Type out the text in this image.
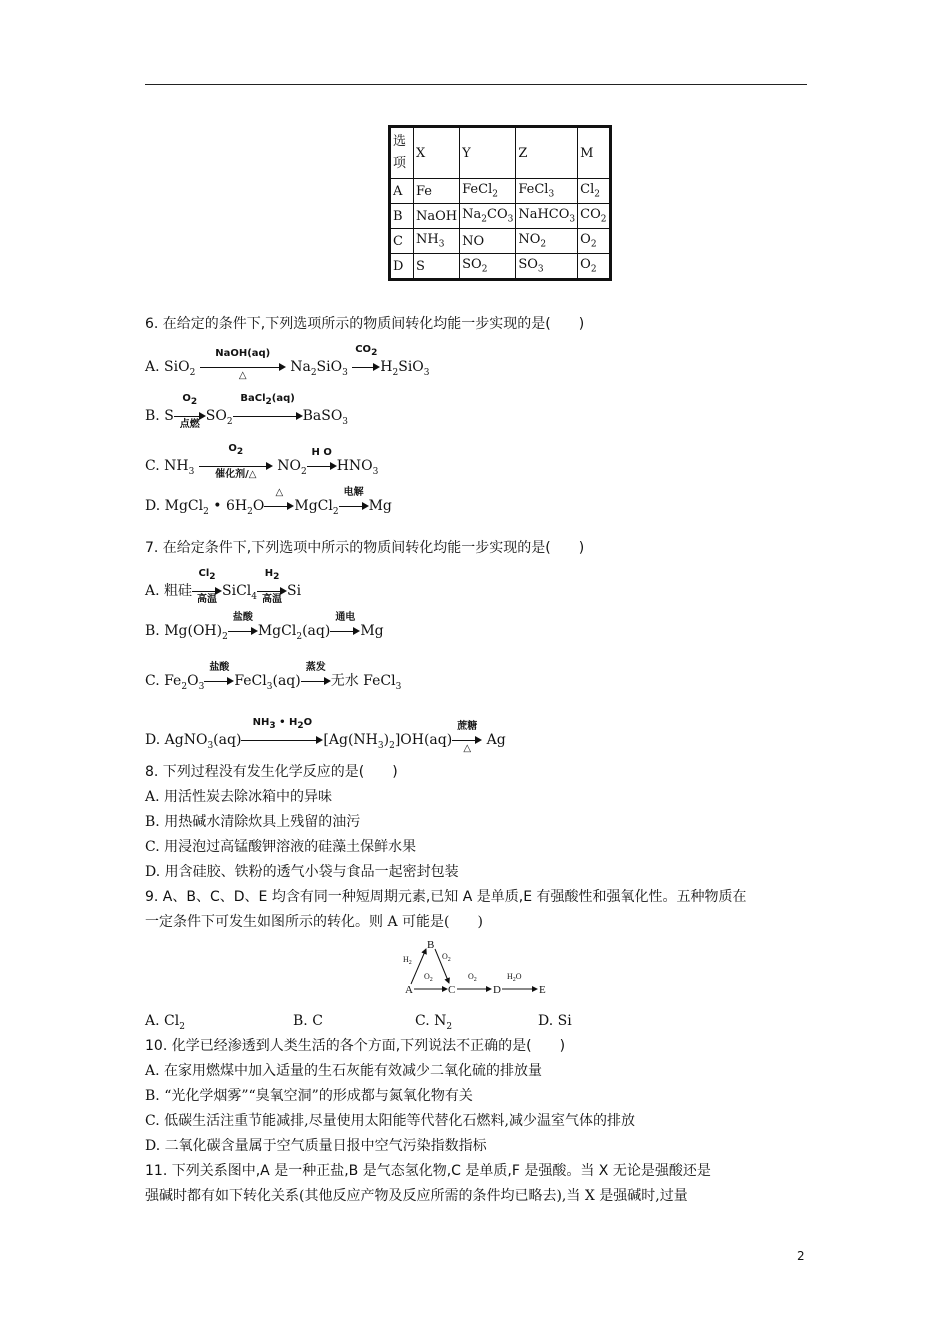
选项	X	Y	Z	M
A	Fe	FeCl$_2$	FeCl$_3$	$Cl_2$
B	NaOH	$Na_2CO_3$	NaHCO$_3$	$CO_2$
C	$NH_3$	NO	$NO_2$	$O_2$
D	S	$SO_2$	$SO_3$	$O_2$
6. 在给定的条件下,下列选项所示的物质间转化均能一步实现的是(　　)
A. SiO$_2$
NaOH(aq)
△
$Na_2SiO_3$
$CO_2$
$H_2SiO_3$
B. S
$O_2$
点燃
$SO_2$
BaCl$_2$(aq)
BaSO$_3$
C. $NH_3$
$O_2$
催化剂/△
$NO_2$
H O
$HNO_3$
D. MgCl$_2$ • $6H_2O$
△
MgCl$_2$
电解
Mg
7. 在给定条件下,下列选项中所示的物质间转化均能一步实现的是(　　)
A. 粗硅
$Cl_2$
高温
SiCl$_4$
$H_2$
高温
Si
B. $Mg(OH)_2$
盐酸
MgCl$_2$(aq)
通电
Mg
C. $Fe_2O_3$
盐酸
FeCl$_3$(aq)
蒸发
无水 FeCl$_3$
D. AgNO$_3$(aq)
$NH_3$ • $H_2O$
$[Ag(NH_3)_2]OH(aq)$
蔗糖
△
Ag
8. 下列过程没有发生化学反应的是(　　)
A. 用活性炭去除冰箱中的异味
B. 用热碱水清除炊具上残留的油污
C. 用浸泡过高锰酸钾溶液的硅藻土保鲜水果
D. 用含硅胶、铁粉的透气小袋与食品一起密封包装
9. A、B、C、D、E 均含有同一种短周期元素,已知 A 是单质,E 有强酸性和强氧化性。五种物质在
一定条件下可发生如图所示的转化。则 A 可能是(　　)
A
B
C	D	E
$H_2$
$O_2$
$O_2$	$O_2$	$H_2O$
A. $Cl_2$	B. C	C. $N_2$	D. Si
10. 化学已经渗透到人类生活的各个方面,下列说法不正确的是(　　)
A. 在家用燃煤中加入适量的生石灰能有效减少二氧化硫的排放量
B. “光化学烟雾”“臭氧空洞”的形成都与氮氧化物有关
C. 低碳生活注重节能减排,尽量使用太阳能等代替化石燃料,减少温室气体的排放
D. 二氧化碳含量属于空气质量日报中空气污染指数指标
11. 下列关系图中,A 是一种正盐,B 是气态氢化物,C 是单质,F 是强酸。当 X 无论是强酸还是
强碱时都有如下转化关系(其他反应产物及反应所需的条件均已略去),当 X 是强碱时,过量
2
